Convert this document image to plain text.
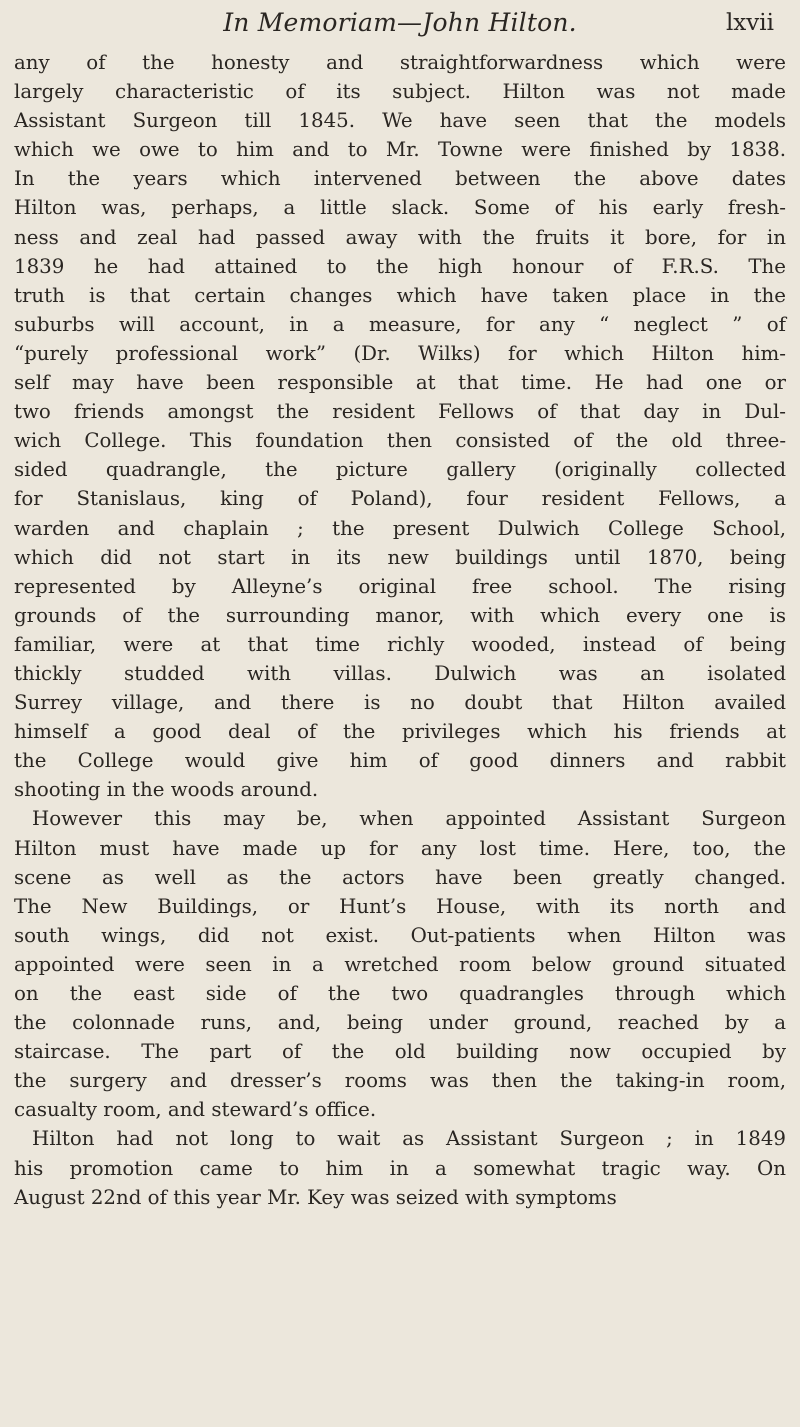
In Memoriam—John Hilton.	lxvii
any of the honesty and straightforwardness which were
largely characteristic of its subject. Hilton was not made
Assistant Surgeon till 1845. We have seen that the models
which we owe to him and to Mr. Towne were finished by 1838.
In the years which intervened between the above dates
Hilton was, perhaps, a little slack. Some of his early fresh-
ness and zeal had passed away with the fruits it bore, for in
1839 he had attained to the high honour of F.R.S. The
truth is that certain changes which have taken place in the
suburbs will account, in a measure, for any “ neglect ” of
“purely professional work” (Dr. Wilks) for which Hilton him-
self may have been responsible at that time. He had one or
two friends amongst the resident Fellows of that day in Dul-
wich College. This foundation then consisted of the old three-
sided quadrangle, the picture gallery (originally collected
for Stanislaus, king of Poland), four resident Fellows, a
warden and chaplain ; the present Dulwich College School,
which did not start in its new buildings until 1870, being
represented by Alleyne’s original free school. The rising
grounds of the surrounding manor, with which every one is
familiar, were at that time richly wooded, instead of being
thickly studded with villas. Dulwich was an isolated
Surrey village, and there is no doubt that Hilton availed
himself a good deal of the privileges which his friends at
the College would give him of good dinners and rabbit
shooting in the woods around.
However this may be, when appointed Assistant Surgeon
Hilton must have made up for any lost time. Here, too, the
scene as well as the actors have been greatly changed.
The New Buildings, or Hunt’s House, with its north and
south wings, did not exist. Out-patients when Hilton was
appointed were seen in a wretched room below ground situated
on the east side of the two quadrangles through which
the colonnade runs, and, being under ground, reached by a
staircase. The part of the old building now occupied by
the surgery and dresser’s rooms was then the taking-in room,
casualty room, and steward’s office.
Hilton had not long to wait as Assistant Surgeon ; in 1849
his promotion came to him in a somewhat tragic way. On
August 22nd of this year Mr. Key was seized with symptoms
